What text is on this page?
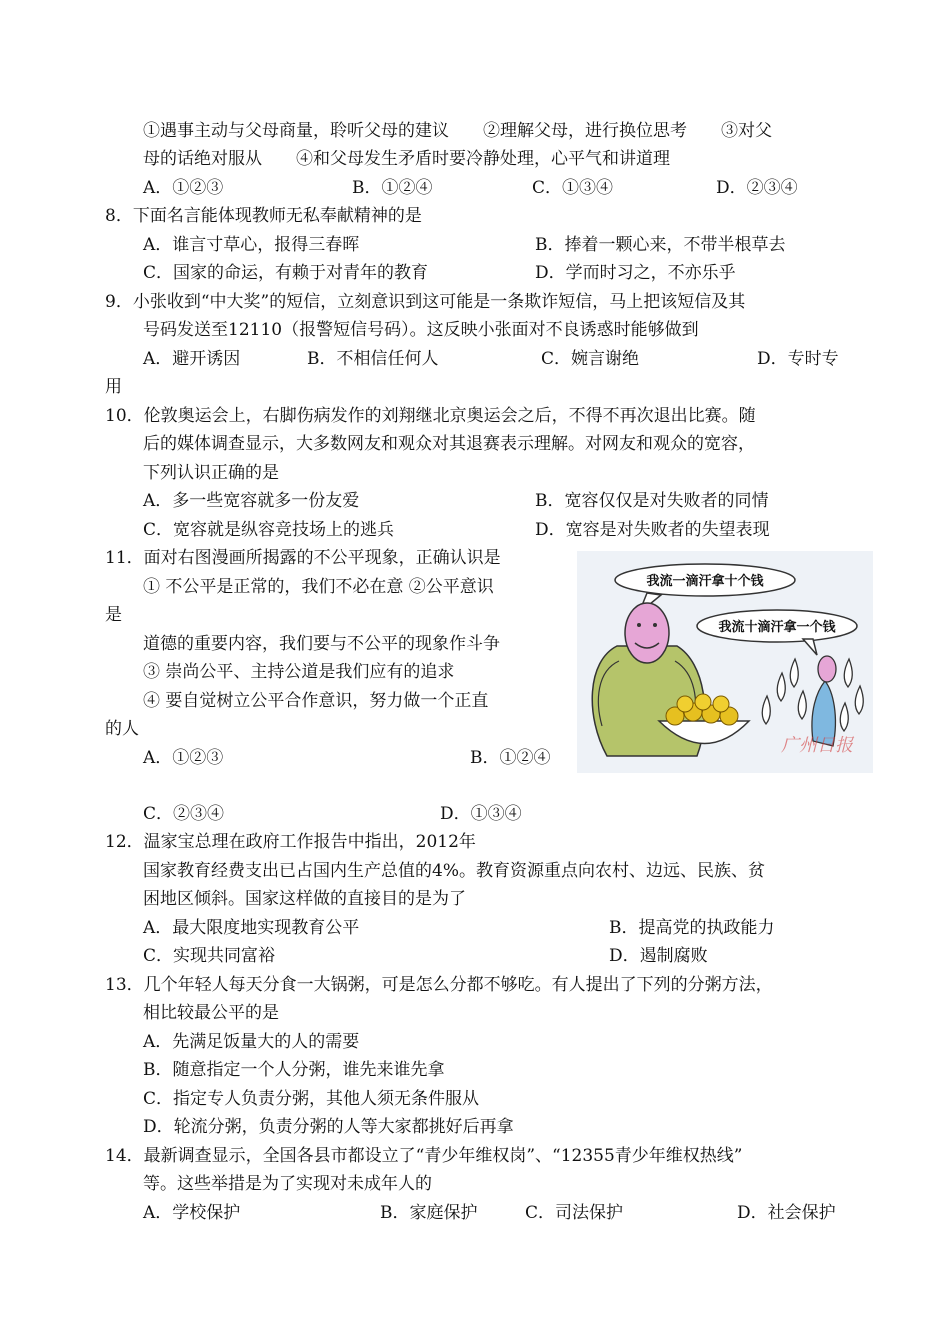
①遇事主动与父母商量，聆听父母的建议　　②理解父母，进行换位思考　　③对父
母的话绝对服从　　④和父母发生矛盾时要冷静处理，心平气和讲道理
A．①②③	B．①②④	C．①③④	D．②③④
8．下面名言能体现教师无私奉献精神的是
A．谁言寸草心，报得三春晖	B．捧着一颗心来，不带半根草去
C．国家的命运，有赖于对青年的教育	D．学而时习之，不亦乐乎
9．小张收到“中大奖”的短信，立刻意识到这可能是一条欺诈短信，马上把该短信及其
号码发送至12110（报警短信号码）。这反映小张面对不良诱惑时能够做到
A．避开诱因	B．不相信任何人	C．婉言谢绝	D．专时专
用
10．伦敦奥运会上，右脚伤病发作的刘翔继北京奥运会之后，不得不再次退出比赛。随
后的媒体调查显示，大多数网友和观众对其退赛表示理解。对网友和观众的宽容，
下列认识正确的是
A．多一些宽容就多一份友爱	B．宽容仅仅是对失败者的同情
C．宽容就是纵容竞技场上的逃兵	D．宽容是对失败者的失望表现
11．面对右图漫画所揭露的不公平现象，正确认识是
① 不公平是正常的，我们不必在意 ②公平意识
是
道德的重要内容，我们要与不公平的现象作斗争
③ 崇尚公平、主持公道是我们应有的追求
④ 要自觉树立公平合作意识，努力做一个正直
的人
A．①②③	B．①②④
C．②③④	D．①③④
12．温家宝总理在政府工作报告中指出，2012年
国家教育经费支出已占国内生产总值的4%。教育资源重点向农村、边远、民族、贫
困地区倾斜。国家这样做的直接目的是为了
A．最大限度地实现教育公平	B．提高党的执政能力
C．实现共同富裕	D．遏制腐败
13．几个年轻人每天分食一大锅粥，可是怎么分都不够吃。有人提出了下列的分粥方法，
相比较最公平的是
A．先满足饭量大的人的需要
B．随意指定一个人分粥，谁先来谁先拿
C．指定专人负责分粥，其他人须无条件服从
D．轮流分粥，负责分粥的人等大家都挑好后再拿
14．最新调查显示，全国各县市都设立了“青少年维权岗”、“12355青少年维权热线”
等。这些举措是为了实现对未成年人的
A．学校保护	B．家庭保护	C．司法保护	D．社会保护
我流一滴汗拿十个钱
我流十滴汗拿一个钱
广州日报
